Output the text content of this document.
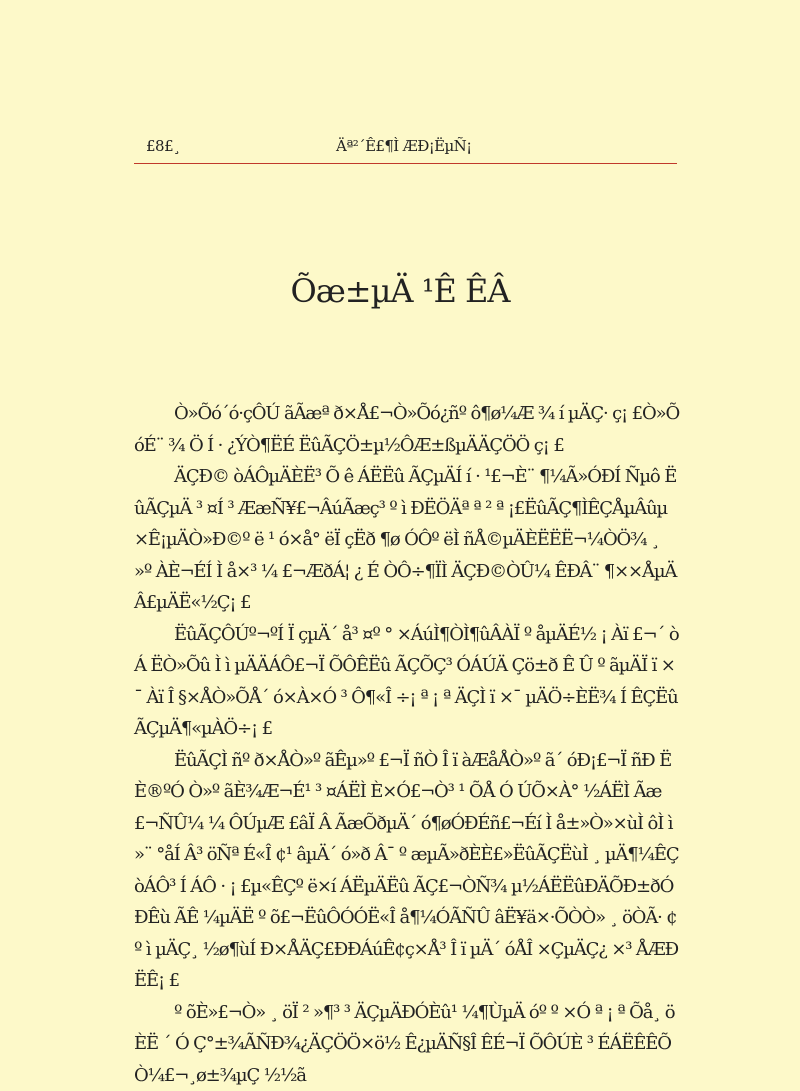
£8£¸	Äª²´Ê£¶Ì ÆÐ¡ËµÑ¡
Õæ±µÄ ¹Ê ÊÂ

Ò»Õó´ó·çÔÚ ãÃæª ð×Å£¬Ò»Õó¿ñº ô¶ø¼Æ ¾ í µÄÇ· ç¡ £Ò»ÕóÉ¨ ¾ Ö Í · ¿ÝÒ¶ËÉ ËûÃÇÖ±µ½ÔÆ±ßµÄÄÇÖÖ ç¡ £

ÄÇÐ© òÁÔµÄÈË³ Õ ê ÁËËû ÃÇµÄÍ í · ¹£¬È¨ ¶¼Ã»ÓÐÍ Ñµô ËûÃÇµÄ ³ ¤Í ³ ÆæÑ¥£¬ÂúÃæç³ º ì ÐËÖÄª ª ² ª ¡£ËûÃÇ¶ÌÊÇÅµÂûµ×Ê¡µÄÒ»Ð©º ë ¹ ó×å° ëÏ çËð ¶ø ÓÔº ëÌ ñÅ©µÄÈËËË¬¼ÒÖ¾ ¸ »º ÀÈ¬ÉÍ Ì å×³ ¼ £¬ÆðÁ¦ ¿ É ÒÔ÷¶ÏÌ ÄÇÐ©ÒÛ¼ ÊÐÂ¨ ¶××ÅµÄÂ£µÄË«½Ç¡ £

ËûÃÇÔÚº¬ºÍ Ï çµÄ´ å³ ¤º ° ×ÁúÌ¶ÒÌ¶ûÂÀÏ º åµÄÉ½ ¡ Àï £¬´ òÁ ËÒ»Õû Ì ì µÄÄÁÔ£¬Ï ÕÔÊËû ÃÇÕÇ³ ÓÁÚÄ Çö±ð Ê Û º ãµÄÏ ï ×¯ Àï Î §×ÅÒ»ÕÅ´ ó×À×Ó ³ Ô¶«Î ÷¡ ª ¡ ª ÄÇÌ ï ×¯ µÄÖ÷ÈË¾ Í ÊÇËûÃÇµÄ¶«µÀÖ÷¡ £

ËûÃÇÌ ñº ð×ÅÒ»º ãÊµ»º £¬Ï ñÒ Î ï àÆåÅÒ»º ã´ óÐ¡£¬Ï ñÐ ËÈ®ºÓ Ò»º ãÈ¾Æ¬É¹ ³ ¤ÁËÌ È×Ó£¬Ò³ ¹ ÕÅ Ó ÚÕ×À° ½ÁËÌ Ãæ£¬ÑÛ¼ ¼ ÔÚµÆ £âÏ Â ÃæÕðµÄ´ ó¶øÓÐÉñ£¬Éí Ì å±»Ò»×ùÌ ôÌ ì »¨ °åÍ Â³ öÑª É«Î ¢¹ âµÄ´ ó»ð Â¯ º æµÃ»ðÈÈ£»ËûÃÇËùÌ ¸ µÄ¶¼ÊÇ òÁÔ³ Í ÁÔ · ¡ £µ«ÊÇº ë×í ÁËµÄËû ÃÇ£¬ÒÑ¾ µ½ÁËËûÐÄÕÐ±ðÓÐÊù ÃÊ ¼µÄË º õ£¬ËûÔÓÓË«Î å¶¼ÓÃÑÛ âË¥ä×·ÕÒÒ» ¸ öÒÃ· ¢º ì µÄÇ¸ ½ø¶ùÍ Ð×ÅÄÇ£ÐÐÁúÊ¢ç×Å³ Î ï µÄ´ óÅÎ ×ÇµÄÇ¿ ×³ ÅÆÐËÊ¡ £

º õÈ»£¬Ò» ¸ öÏ ² »¶³ ³ ÄÇµÄÐÓÈû¹ ¼¶ÙµÄ óº º ×Ó ª ¡ ª Õå¸ öÈË ´ Ó Ç°±¾ÃÑÐ¾¿ÄÇÖÖ×ö½ Ê¿µÄÑ§Î ÊÉ¬Ï ÕÔÚÈ ³ ÉÁËÊÊÕÒ¼£¬¸ø±¾µÇ ½½ã
